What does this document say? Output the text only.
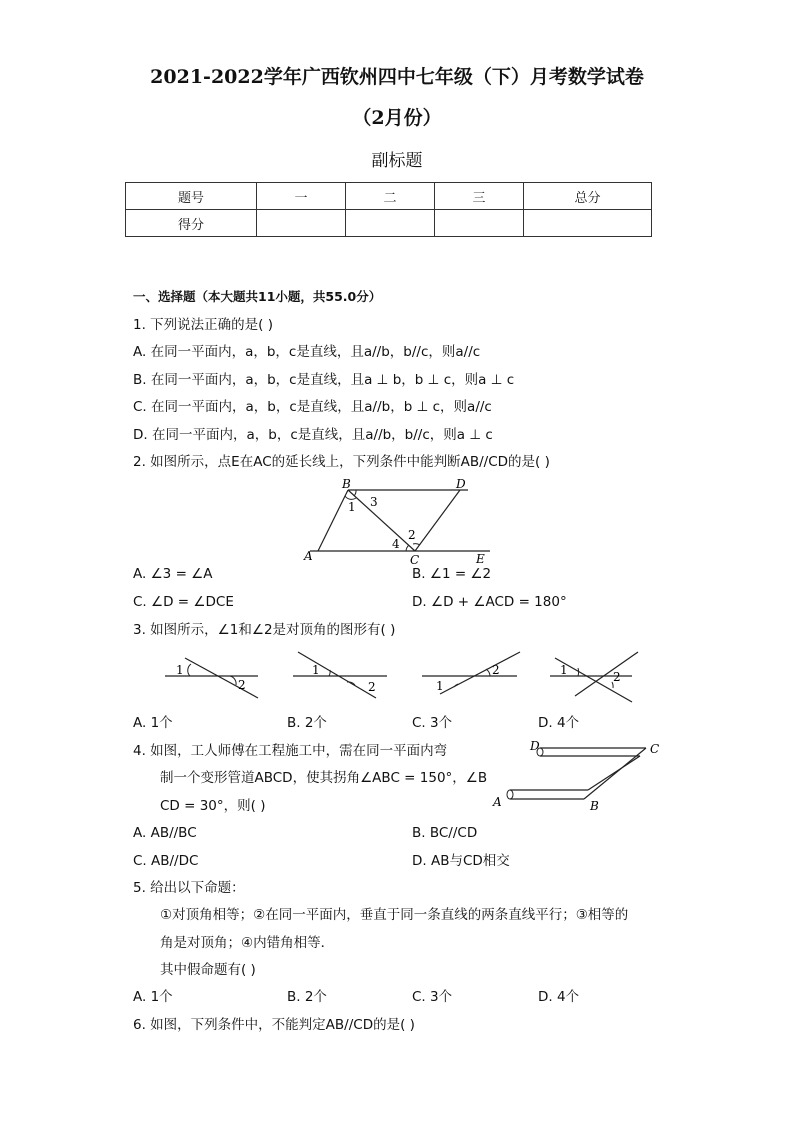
2021-2022学年广西钦州四中七年级（下）月考数学试卷
（2月份）
副标题
题号	一	二	三	总分
得分				
一、选择题（本大题共11小题，共55.0分）
1. 下列说法正确的是( )
A. 在同一平面内，a，b，c是直线，且a//b，b//c，则a//c
B. 在同一平面内，a，b，c是直线，且a ⊥ b，b ⊥ c，则a ⊥ c
C. 在同一平面内，a，b，c是直线，且a//b，b ⊥ c，则a//c
D. 在同一平面内，a，b，c是直线，且a//b，b//c，则a ⊥ c
2. 如图所示，点E在AC的延长线上，下列条件中能判断AB//CD的是( )
B	D
A	C	E
1 3
2
4
A. ∠3 = ∠A	B. ∠1 = ∠2
C. ∠D = ∠DCE	D. ∠D + ∠ACD = 180°
3. 如图所示，∠1和∠2是对顶角的图形有( )
1
2
1
2	1
2	1	2
A. 1个	B. 2个	C. 3个	D. 4个
4. 如图，工人师傅在工程施工中，需在同一平面内弯
制一个变形管道ABCD，使其拐角∠ABC = 150°，∠B
CD = 30°，则( )
D	C
A	B
A. AB//BC	B. BC//CD
C. AB//DC	D. AB与CD相交
5. 给出以下命题：
①对顶角相等；②在同一平面内，垂直于同一条直线的两条直线平行；③相等的
角是对顶角；④内错角相等．
其中假命题有( )
A. 1个	B. 2个	C. 3个	D. 4个
6. 如图，下列条件中，不能判定AB//CD的是( )
